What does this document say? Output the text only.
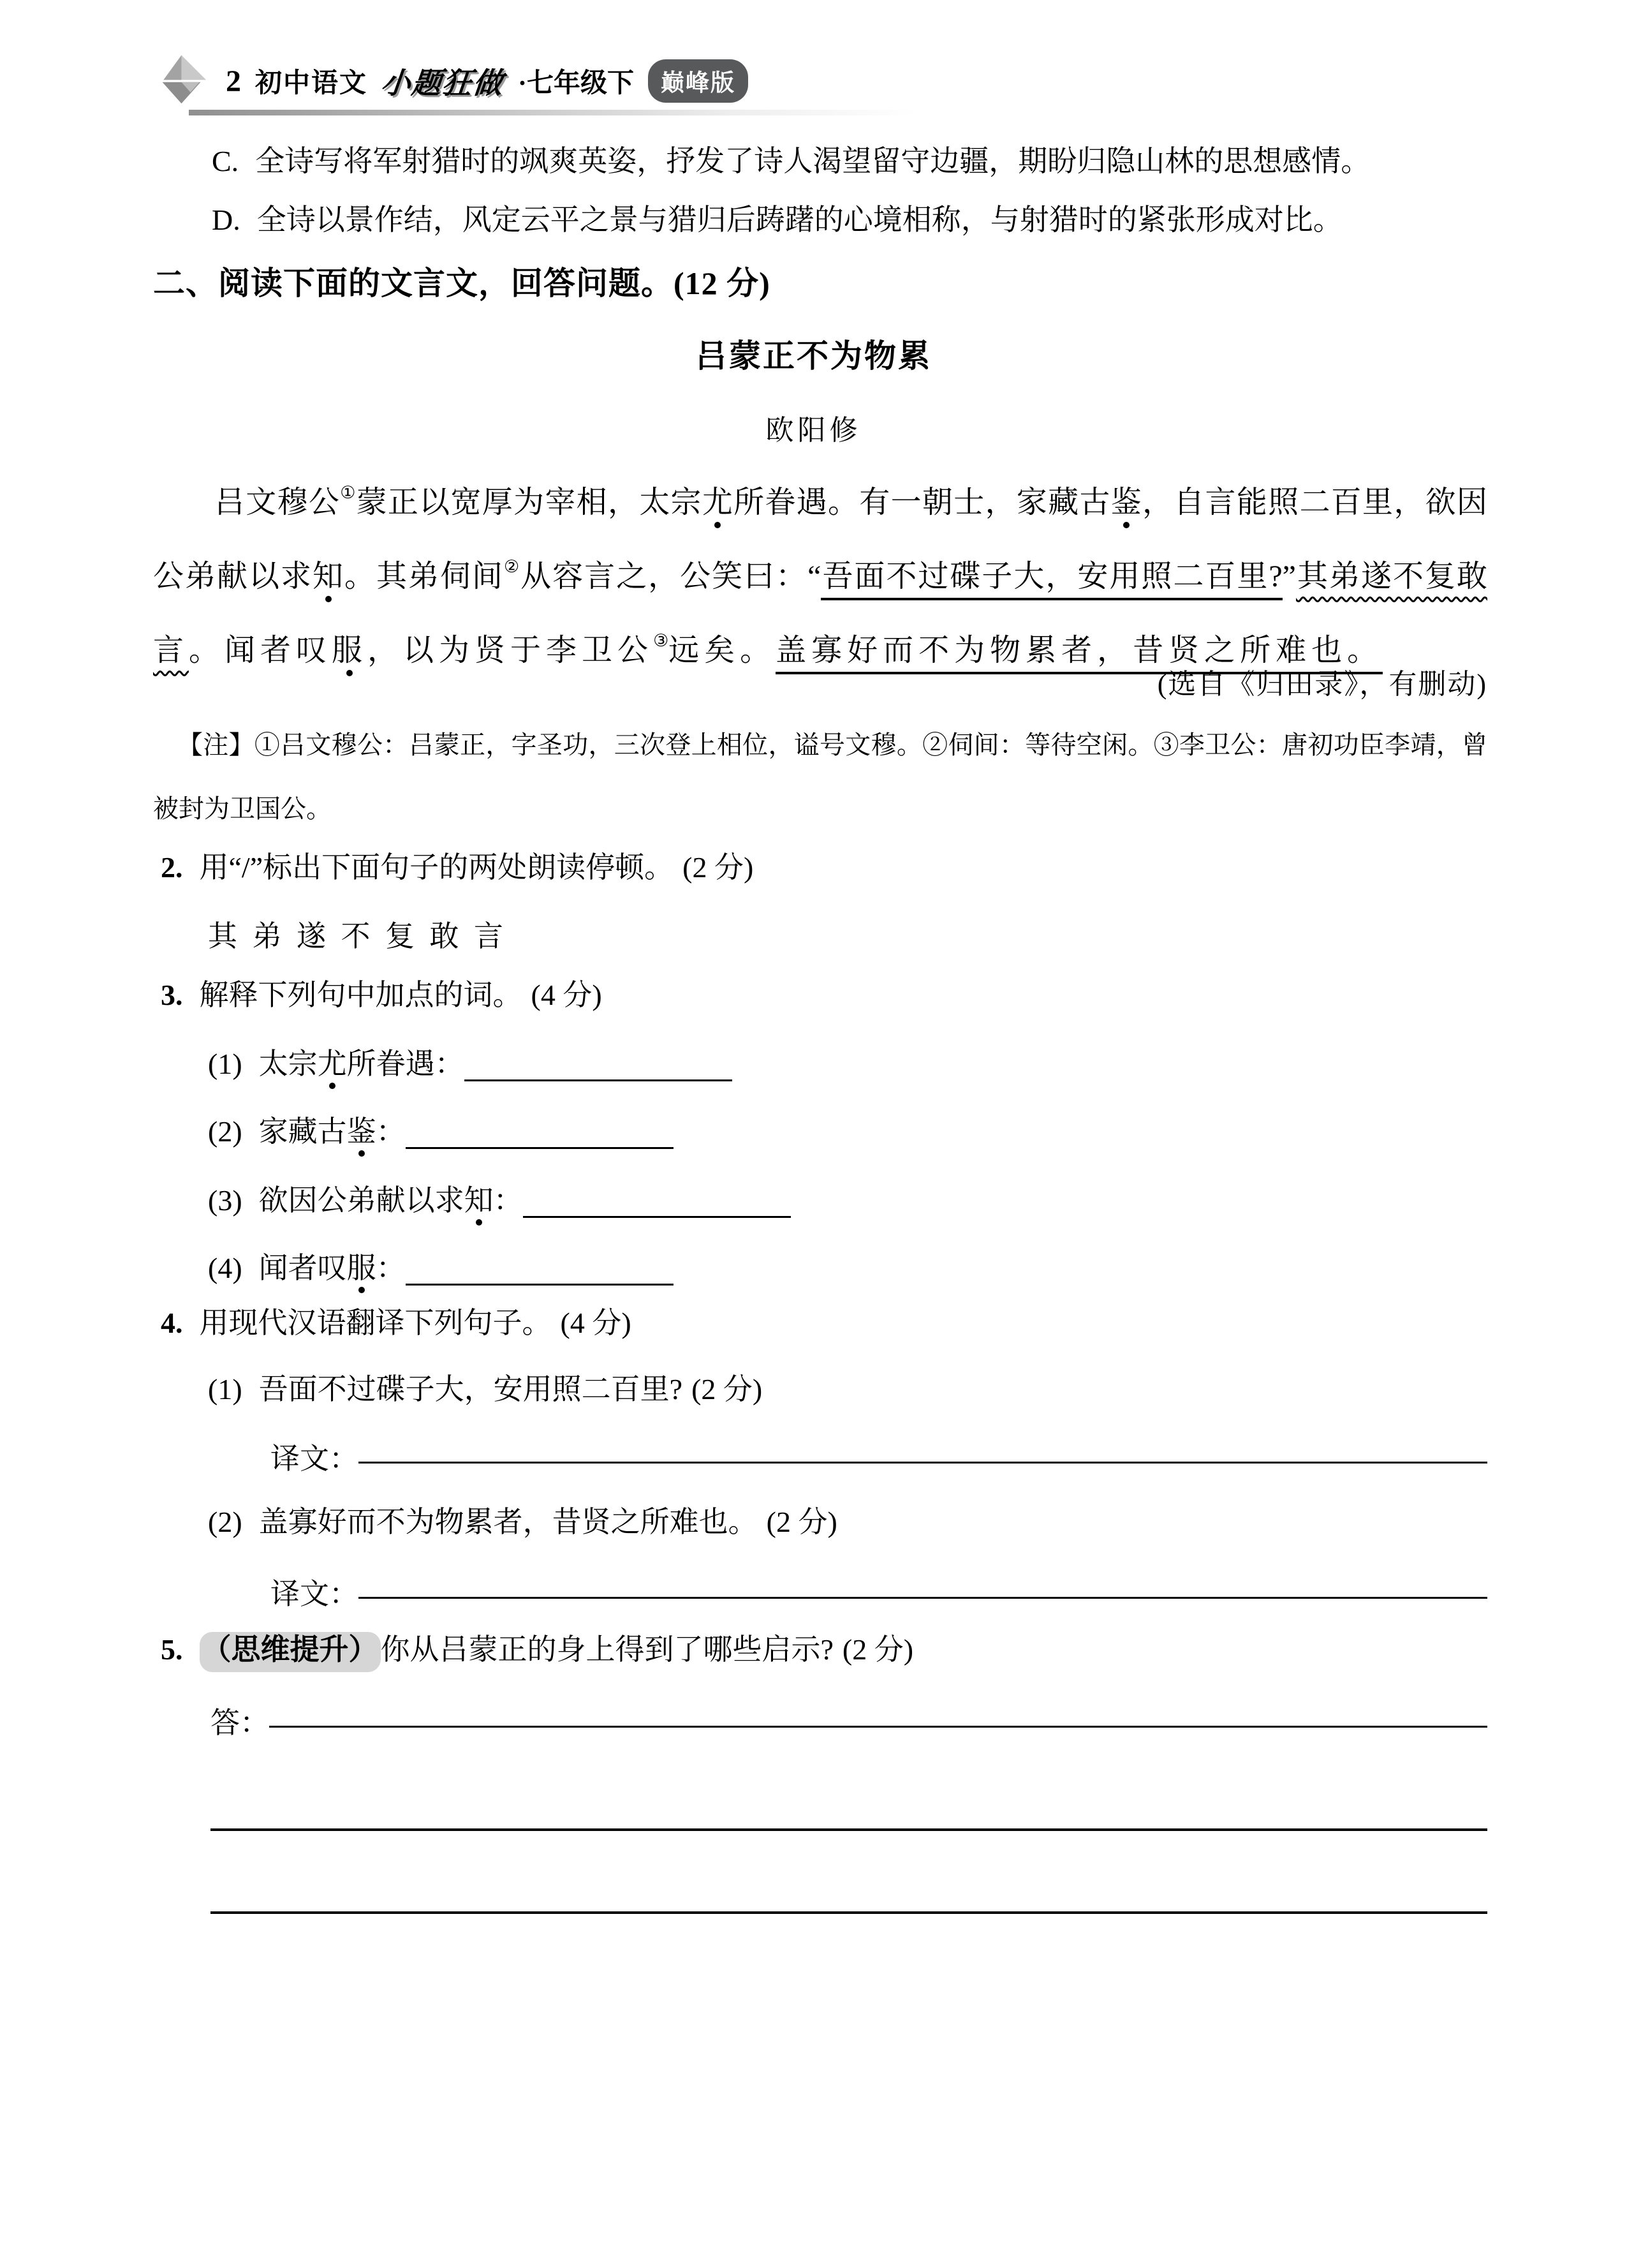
2 初中语文 小题狂做 ·七年级下	巅峰版
C. 全诗写将军射猎时的飒爽英姿，抒发了诗人渴望留守边疆，期盼归隐山林的思想感情。
D. 全诗以景作结，风定云平之景与猎归后踌躇的心境相称，与射猎时的紧张形成对比。
二、阅读下面的文言文，回答问题。(12 分)
吕蒙正不为物累
欧阳修
吕文穆公①蒙正以宽厚为宰相，太宗尤所眷遇。有一朝士，家藏古鉴，自言能照二百里，欲因
公弟献以求知。其弟伺间②从容言之，公笑曰：“吾面不过碟子大，安用照二百里?”其弟遂不复敢
言。闻者叹服，以为贤于李卫公③远矣。盖寡好而不为物累者，昔贤之所难也。
(选自《归田录》，有删动)
【注】①吕文穆公：吕蒙正，字圣功，三次登上相位，谥号文穆。②伺间：等待空闲。③李卫公：唐初功臣李靖，曾
被封为卫国公。
2. 用“/”标出下面句子的两处朗读停顿。 (2 分)
其 弟 遂 不 复 敢 言
3. 解释下列句中加点的词。 (4 分)
(1) 太宗尤所眷遇：
(2) 家藏古鉴：
(3) 欲因公弟献以求知：
(4) 闻者叹服：
4. 用现代汉语翻译下列句子。 (4 分)
(1) 吾面不过碟子大，安用照二百里? (2 分)
译文：
(2) 盖寡好而不为物累者，昔贤之所难也。 (2 分)
译文：
5. （思维提升）你从吕蒙正的身上得到了哪些启示? (2 分)
答：
